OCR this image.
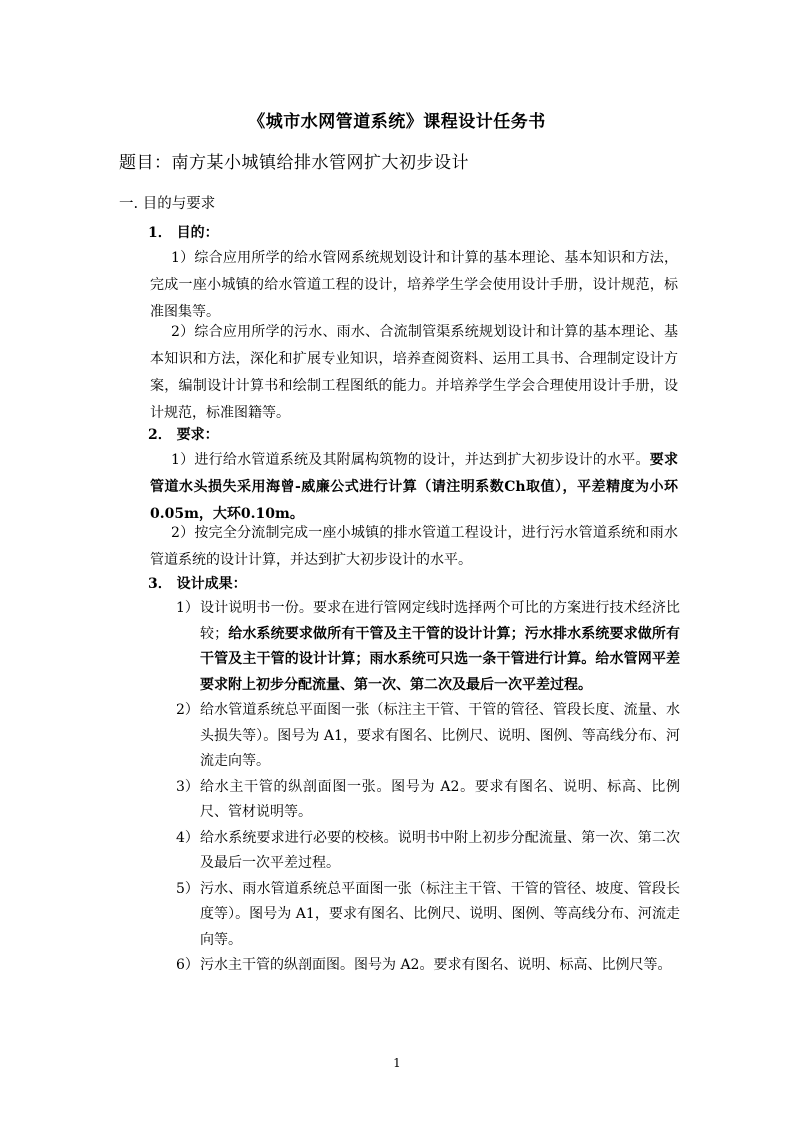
《城市水网管道系统》课程设计任务书
题目：南方某小城镇给排水管网扩大初步设计
一. 目的与要求
1． 目的：
1）综合应用所学的给水管网系统规划设计和计算的基本理论、基本知识和方法，完成一座小城镇的给水管道工程的设计，培养学生学会使用设计手册，设计规范，标准图集等。
2）综合应用所学的污水、雨水、合流制管渠系统规划设计和计算的基本理论、基本知识和方法，深化和扩展专业知识，培养查阅资料、运用工具书、合理制定设计方案，编制设计计算书和绘制工程图纸的能力。并培养学生学会合理使用设计手册，设计规范，标准图籍等。
2． 要求：
1）进行给水管道系统及其附属构筑物的设计，并达到扩大初步设计的水平。要求管道水头损失采用海曾-威廉公式进行计算（请注明系数Ch取值），平差精度为小环0.05m，大环0.10m。
2）按完全分流制完成一座小城镇的排水管道工程设计，进行污水管道系统和雨水管道系统的设计计算，并达到扩大初步设计的水平。
3． 设计成果：

1） 设计说明书一份。要求在进行管网定线时选择两个可比的方案进行技术经济比较；给水系统要求做所有干管及主干管的设计计算；污水排水系统要求做所有干管及主干管的设计计算；雨水系统可只选一条干管进行计算。给水管网平差要求附上初步分配流量、第一次、第二次及最后一次平差过程。

2） 给水管道系统总平面图一张（标注主干管、干管的管径、管段长度、流量、水头损失等）。图号为 A1，要求有图名、比例尺、说明、图例、等高线分布、河流走向等。

3） 给水主干管的纵剖面图一张。图号为 A2。要求有图名、说明、标高、比例尺、管材说明等。

4） 给水系统要求进行必要的校核。说明书中附上初步分配流量、第一次、第二次及最后一次平差过程。

5） 污水、雨水管道系统总平面图一张（标注主干管、干管的管径、坡度、管段长度等）。图号为 A1，要求有图名、比例尺、说明、图例、等高线分布、河流走向等。

6） 污水主干管的纵剖面图。图号为 A2。要求有图名、说明、标高、比例尺等。

1
